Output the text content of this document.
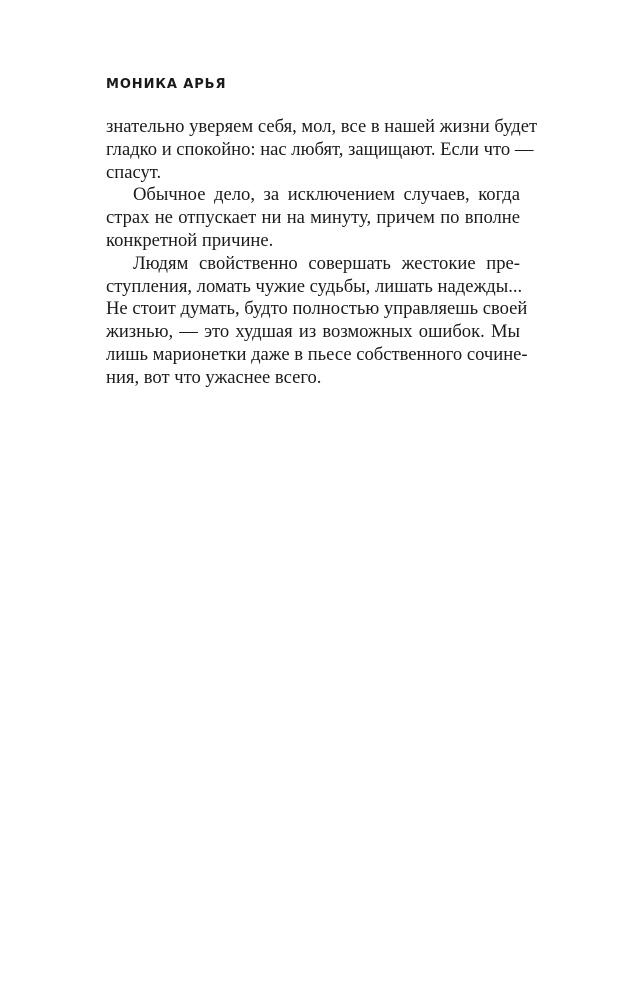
МОНИКА АРЬЯ
знательно уверяем себя, мол, все в нашей жизни будет
гладко и спокойно: нас любят, защищают. Если что —
спасут.
Обычное дело, за исключением случаев, когда
страх не отпускает ни на минуту, причем по вполне
конкретной причине.
Людям свойственно совершать жестокие пре-
ступления, ломать чужие судьбы, лишать надежды...
Не стоит думать, будто полностью управляешь своей
жизнью, — это худшая из возможных ошибок. Мы
лишь марионетки даже в пьесе собственного сочине-
ния, вот что ужаснее всего.
